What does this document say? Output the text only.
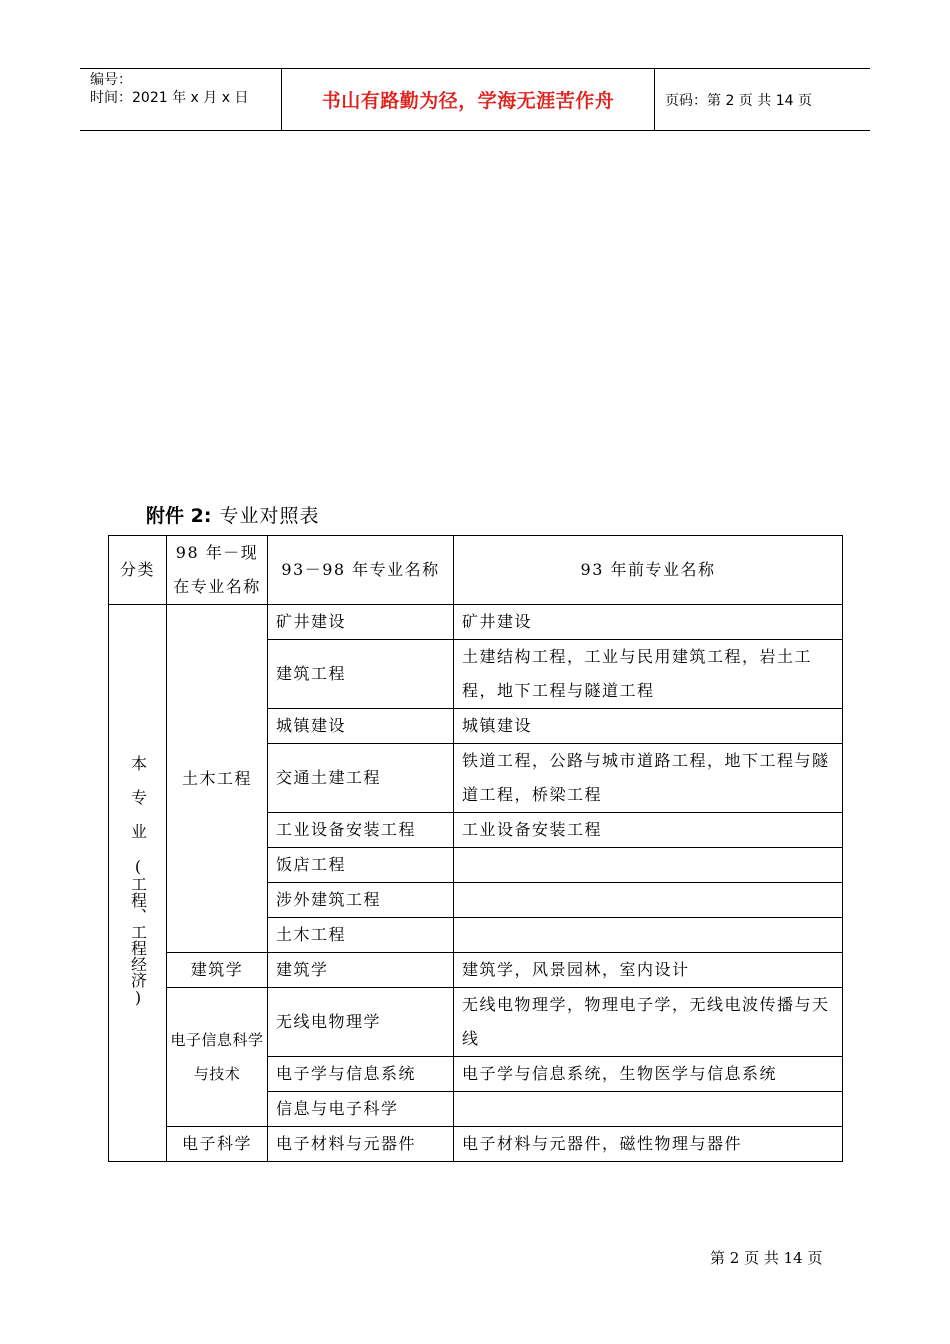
编号：
时间：2021 年 x 月 x 日	书山有路勤为径，学海无涯苦作舟	页码：第 2 页 共 14 页
附件 2: 专业对照表
分类	98 年－现在专业名称	93－98 年专业名称	93 年前专业名称
本专业(工程、工程经济)	土木工程	矿井建设	矿井建设
		建筑工程	土建结构工程，工业与民用建筑工程，岩土工程，地下工程与隧道工程
		城镇建设	城镇建设
		交通土建工程	铁道工程，公路与城市道路工程，地下工程与隧道工程，桥梁工程
		工业设备安装工程	工业设备安装工程
		饭店工程	
		涉外建筑工程	
		土木工程	
	建筑学	建筑学	建筑学，风景园林，室内设计
	电子信息科学与技术	无线电物理学	无线电物理学，物理电子学，无线电波传播与天线
		电子学与信息系统	电子学与信息系统，生物医学与信息系统
		信息与电子科学	
	电子科学	电子材料与元器件	电子材料与元器件，磁性物理与器件
第 2 页 共 14 页
